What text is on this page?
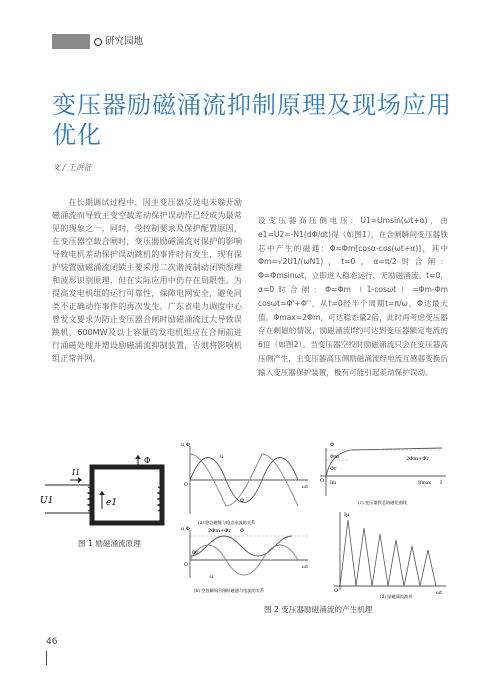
研究园地
变压器励磁涌流抑制原理及现场应用优化
文 / 王洪征

在长期调试过程中，因主变压器反送电未躲开励磁涌流而导致主变空载差动保护误动作已经成为最常见的现象之一，同时，受控制要求及保护配置原因，在变压器空载合闸时，变压器励磁涌流对保护的影响导致电机差动保护误动跳机的事件时有发生，现有保护装置励磁涌流闭锁主要采用二次谐波制动闭锁原理和波形识别原理，但在实际应用中仍存在局限性。为提高发电机组的运行可靠性，保障电网安全，避免同类不正确动作事件的再次发生。广东省电力调度中心曾发文要求为防止变压器合闸时励磁涌流过大导致误跳机，600MW及以上容量的发电机组应在合闸前进行涌磁处理并增设励磁涌流抑制装置，否则将影响机组正常并网。

设变压器高压侧电压：U1=Umsin(ωt+α)，由e1=U2=-N1(dΦ/dt)得（如图1），在合闸瞬间变压器铁芯中产生的磁通：Φ=Φm[cosα-cos(ωt+α)]，其中Φm=√2U1/(ωN1)，t=0，α=π/2时合闸：Φ=Φmsinωt，立即进入稳态运行，无励磁涌流。t=0，α=0时合闸：Φ=Φm（1-cosωt）=Φm-Φm cosωt=Φ'+Φ''，从t=0经半个周期t=π/ω，Φ达最大值，Φmax=2Φm，可达稳态量2倍，此时再考虑变压器存在剩磁的情况，励磁涌流If约可达到变压器额定电流的6倍（如图2）。当变压器空投时励磁涌流只会在变压器高压侧产生，主变压器高压侧励磁涌流经电流互感器变换后输入变压器保护装置，极有可能引起差动保护误动。

Φ
I1
U1	e1
图 1 励磁涌流原理
u,Φ
u
Φ
O	ωt
(a) 稳态磁链与稳态电流的关系
u,Φ	2Φm+Φr Φ
u
Φr
O	ωt
(b) 空投瞬间合闸时磁通与电流的关系
Φ
2Φm+Φr
Φm
Φr
O Im	Ifmax I
(c) 变压器铁芯的磁化曲线
Iμ
O	ωt
(d) 励磁涌流波形
图 2 变压器励磁涌流的产生机理
46
